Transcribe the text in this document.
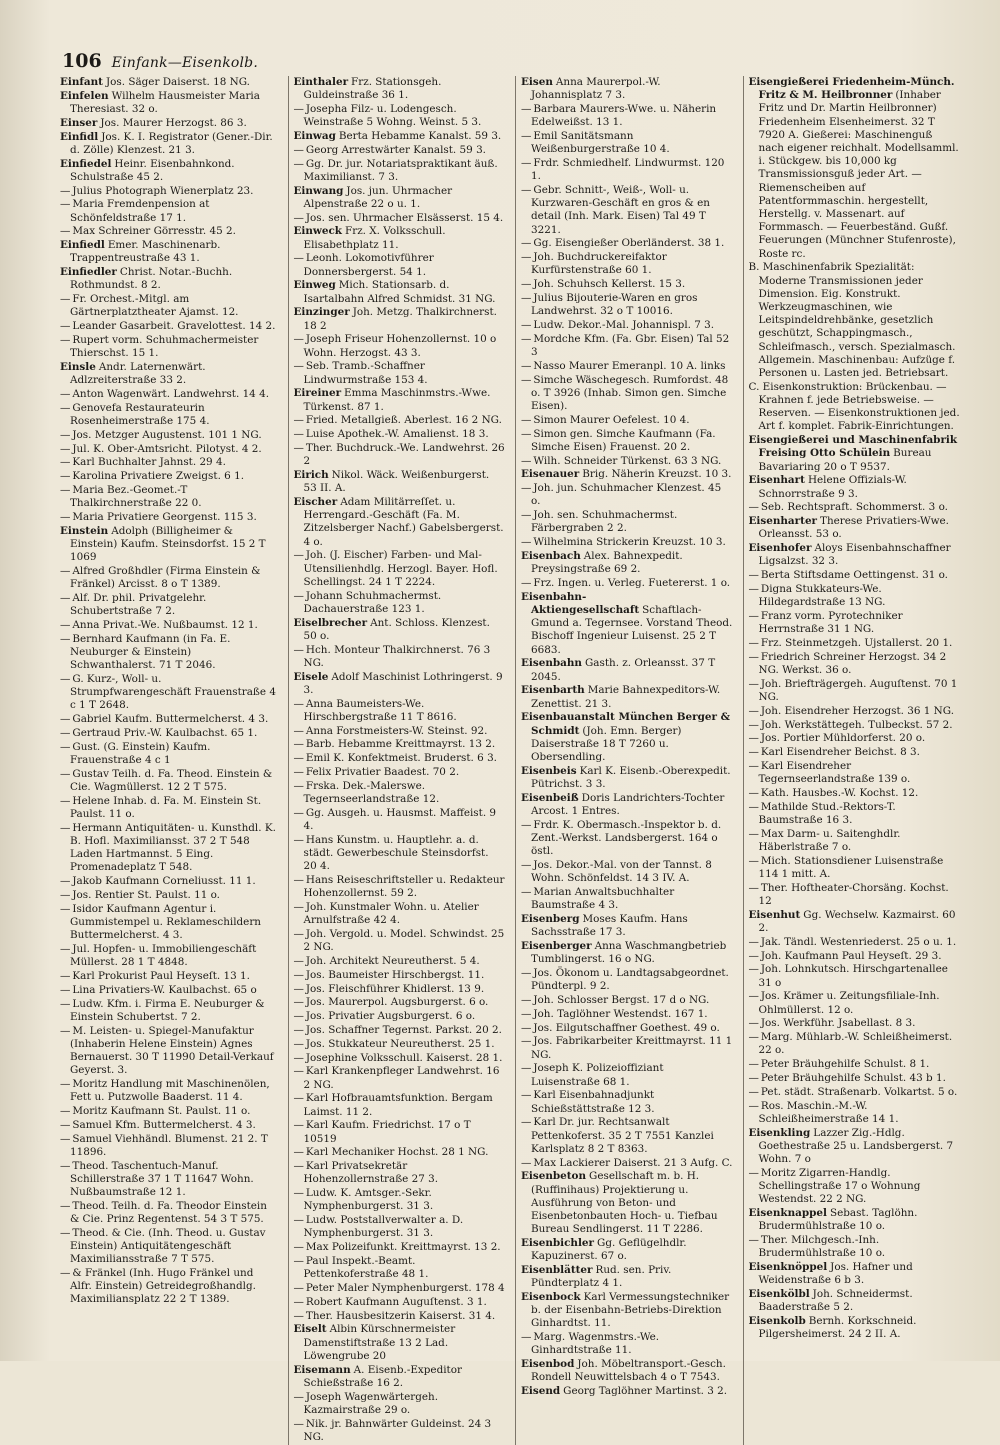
106 Einfank—Eisenkolb.
Einfant Jos. Säger Daiserst. 18 NG.
Einfelen Wilhelm Hausmeister Maria Theresiast. 32 o.
Einser Jos. Maurer Herzogst. 86 3.
Einfidl Jos. K. I. Registrator (Gener.-Dir. d. Zölle) Klenzest. 21 3.
Einfiedel Heinr. Eisenbahnkond. Schulstraße 45 2.
— Julius Photograph Wienerplatz 23.
— Maria Fremdenpension at Schönfeldstraße 17 1.
— Max Schreiner Görresstr. 45 2.
Einfiedl Emer. Maschinenarb. Trappentreustraße 43 1.
Einfiedler Christ. Notar.-Buchh. Rothmundst. 8 2.
— Fr. Orchest.-Mitgl. am Gärtnerplatztheater Ajamst. 12.
— Leander Gasarbeit. Gravelottest. 14 2.
— Rupert vorm. Schuhmachermeister Thierschst. 15 1.
Einsle Andr. Laternenwärt. Adlzreiterstraße 33 2.
— Anton Wagenwärt. Landwehrst. 14 4.
— Genovefa Restaurateurin Rosenheimerstraße 175 4.
— Jos. Metzger Augustenst. 101 1 NG.
— Jul. K. Ober-Amtsricht. Pilotyst. 4 2.
— Karl Buchhalter Jahnst. 29 4.
— Karolina Privatiere Zweigst. 6 1.
— Maria Bez.-Geomet.-T Thalkirchnerstraße 22 0.
— Maria Privatiere Georgenst. 115 3.
Einstein Adolph (Billigheimer & Einstein) Kaufm. Steinsdorfst. 15 2 T 1069
— Alfred Großhdler (Firma Einstein & Fränkel) Arcisst. 8 o T 1389.
— Alf. Dr. phil. Privatgelehr. Schubertstraße 7 2.
— Anna Privat.-We. Nußbaumst. 12 1.
— Bernhard Kaufmann (in Fa. E. Neuburger & Einstein) Schwanthalerst. 71 T 2046.
— G. Kurz-, Woll- u. Strumpfwarengeschäft Frauenstraße 4 c 1 T 2648.
— Gabriel Kaufm. Buttermelcherst. 4 3.
— Gertraud Priv.-W. Kaulbachst. 65 1.
— Gust. (G. Einstein) Kaufm. Frauenstraße 4 c 1
— Gustav Teilh. d. Fa. Theod. Einstein & Cie. Wagmüllerst. 12 2 T 575.
— Helene Inhab. d. Fa. M. Einstein St. Paulst. 11 o.
— Hermann Antiquitäten- u. Kunsthdl. K. B. Hofl. Maximiliansst. 37 2 T 548 Laden Hartmannst. 5 Eing. Promenadeplatz T 548.
— Jakob Kaufmann Corneliusst. 11 1.
— Jos. Rentier St. Paulst. 11 o.
— Isidor Kaufmann Agentur i. Gummistempel u. Reklameschildern Buttermelcherst. 4 3.
— Jul. Hopfen- u. Immobiliengeschäft Müllerst. 28 1 T 4848.
— Karl Prokurist Paul Heyseſt. 13 1.
— Lina Privatiers-W. Kaulbachst. 65 o
— Ludw. Kfm. i. Firma E. Neuburger & Einstein Schubertst. 7 2.
— M. Leisten- u. Spiegel-Manufaktur (Inhaberin Helene Einstein) Agnes Bernauerst. 30 T 11990 Detail-Verkauf Geyerst. 3.
— Moritz Handlung mit Maschinenölen, Fett u. Putzwolle Baaderst. 11 4.
— Moritz Kaufmann St. Paulst. 11 o.
— Samuel Kfm. Buttermelcherst. 4 3.
— Samuel Viehhändl. Blumenst. 21 2. T 11896.
— Theod. Taschentuch-Manuf. Schillerstraße 37 1 T 11647 Wohn. Nußbaumstraße 12 1.
— Theod. Teilh. d. Fa. Theodor Einstein & Cie. Prinz Regentenst. 54 3 T 575.
— Theod. & Cie. (Inh. Theod. u. Gustav Einstein) Antiquitätengeschäft Maximiliansstraße 7 T 575.
— & Fränkel (Inh. Hugo Fränkel und Alfr. Einstein) Getreidegroßhandlg. Maximiliansplatz 22 2 T 1389.
Einthaler Frz. Stationsgeh. Guldeinstraße 36 1.
— Josepha Filz- u. Lodengesch. Weinstraße 5 Wohng. Weinst. 5 3.
Einwag Berta Hebamme Kanalst. 59 3.
— Georg Arrestwärter Kanalst. 59 3.
— Gg. Dr. jur. Notariatspraktikant äuß. Maximilianst. 7 3.
Einwang Jos. jun. Uhrmacher Alpenstraße 22 o u. 1.
— Jos. sen. Uhrmacher Elsässerst. 15 4.
Einweck Frz. X. Volksschull. Elisabethplatz 11.
— Leonh. Lokomotivführer Donnersbergerst. 54 1.
Einweg Mich. Stationsarb. d. Isartalbahn Alfred Schmidst. 31 NG.
Einzinger Joh. Metzg. Thalkirchnerst. 18 2
— Joseph Friseur Hohenzollernst. 10 o Wohn. Herzogst. 43 3.
— Seb. Tramb.-Schaffner Lindwurmstraße 153 4.
Eireiner Emma Maschinmstrs.-Wwe. Türkenst. 87 1.
— Fried. Metallgieß. Aberlest. 16 2 NG.
— Luise Apothek.-W. Amalienst. 18 3.
— Ther. Buchdruck.-We. Landwehrst. 26 2
Eirich Nikol. Wäck. Weißenburgerst. 53 II. A.
Eischer Adam Militärreſſet. u. Herrengard.-Geschäft (Fa. M. Zitzelsberger Nachf.) Gabelsbergerst. 4 o.
— Joh. (J. Eischer) Farben- und Mal-Utensilienhdlg. Herzogl. Bayer. Hofl. Schellingst. 24 1 T 2224.
— Johann Schuhmachermst. Dachauerstraße 123 1.
Eiselbrecher Ant. Schloss. Klenzest. 50 o.
— Hch. Monteur Thalkirchnerst. 76 3 NG.
Eisele Adolf Maschinist Lothringerst. 9 3.
— Anna Baumeisters-We. Hirschbergstraße 11 T 8616.
— Anna Forstmeisters-W. Steinst. 92.
— Barb. Hebamme Kreittmayrst. 13 2.
— Emil K. Konfektmeist. Bruderst. 6 3.
— Felix Privatier Baadest. 70 2.
— Frska. Dek.-Malerswe. Tegernseerlandstraße 12.
— Gg. Ausgeh. u. Hausmst. Maffeist. 9 4.
— Hans Kunstm. u. Hauptlehr. a. d. städt. Gewerbeschule Steinsdorfst. 20 4.
— Hans Reiseschriftsteller u. Redakteur Hohenzollernst. 59 2.
— Joh. Kunstmaler Wohn. u. Atelier Arnulfstraße 42 4.
— Joh. Vergold. u. Model. Schwindst. 25 2 NG.
— Joh. Architekt Neureutherst. 5 4.
— Jos. Baumeister Hirschbergst. 11.
— Jos. Fleischführer Khidlerst. 13 9.
— Jos. Maurerpol. Augsburgerst. 6 o.
— Jos. Privatier Augsburgerst. 6 o.
— Jos. Schaffner Tegernst. Parkst. 20 2.
— Jos. Stukkateur Neureutherst. 25 1.
— Josephine Volksschull. Kaiserst. 28 1.
— Karl Krankenpfleger Landwehrst. 16 2 NG.
— Karl Hofbrauamtsfunktion. Bergam Laimst. 11 2.
— Karl Kaufm. Friedrichst. 17 o T 10519
— Karl Mechaniker Hochst. 28 1 NG.
— Karl Privatsekretär Hohenzollernstraße 27 3.
— Ludw. K. Amtsger.-Sekr. Nymphenburgerst. 31 3.
— Ludw. Poststallverwalter a. D. Nymphenburgerst. 31 3.
— Max Polizeifunkt. Kreittmayrst. 13 2.
— Paul Inspekt.-Beamt. Pettenkoferstraße 48 1.
— Peter Maler Nymphenburgerst. 178 4
— Robert Kaufmann Auguſtenst. 3 1.
— Ther. Hausbesitzerin Kaiserst. 31 4.
Eiselt Albin Kürschnermeister Damenstiftstraße 13 2 Lad. Löwengrube 20
Eisemann A. Eisenb.-Expeditor Schießstraße 16 2.
— Joseph Wagenwärtergeh. Kazmairstraße 29 o.
— Nik. jr. Bahnwärter Guldeinst. 24 3 NG.
Eisen Anna Maurerpol.-W. Johannisplatz 7 3.
— Barbara Maurers-Wwe. u. Näherin Edelweißst. 13 1.
— Emil Sanitätsmann Weißenburgerstraße 10 4.
— Frdr. Schmiedhelf. Lindwurmst. 120 1.
— Gebr. Schnitt-, Weiß-, Woll- u. Kurzwaren-Geschäft en gros & en detail (Inh. Mark. Eisen) Tal 49 T 3221.
— Gg. Eisengießer Oberländerst. 38 1.
— Joh. Buchdruckereifaktor Kurfürstenstraße 60 1.
— Joh. Schuhsch Kellerst. 15 3.
— Julius Bijouterie-Waren en gros Landwehrst. 32 o T 10016.
— Ludw. Dekor.-Mal. Johannispl. 7 3.
— Mordche Kfm. (Fa. Gbr. Eisen) Tal 52 3
— Nasso Maurer Emeranpl. 10 A. links
— Simche Wäschegesch. Rumfordst. 48 o. T 3926 (Inhab. Simon gen. Simche Eisen).
— Simon Maurer Oefelest. 10 4.
— Simon gen. Simche Kaufmann (Fa. Simche Eisen) Frauenst. 20 2.
— Wilh. Schneider Türkenst. 63 3 NG.
Eisenauer Brig. Näherin Kreuzst. 10 3.
— Joh. jun. Schuhmacher Klenzest. 45 o.
— Joh. sen. Schuhmachermst. Färbergraben 2 2.
— Wilhelmina Strickerin Kreuzst. 10 3.
Eisenbach Alex. Bahnexpedit. Preysingstraße 69 2.
— Frz. Ingen. u. Verleg. Fuetererst. 1 o.
Eisenbahn-Aktiengesellschaft Schaftlach-Gmund a. Tegernsee. Vorstand Theod. Bischoff Ingenieur Luisenst. 25 2 T 6683.
Eisenbahn Gasth. z. Orleansst. 37 T 2045.
Eisenbarth Marie Bahnexpeditors-W. Zenettist. 21 3.
Eisenbauanstalt München Berger & Schmidt (Joh. Emn. Berger) Daiserstraße 18 T 7260 u. Obersendling.
Eisenbeis Karl K. Eisenb.-Oberexpedit. Pütrichst. 3 3.
Eisenbeiß Doris Landrichters-Tochter Arcost. 1 Entres.
— Frdr. K. Obermasch.-Inspektor b. d. Zent.-Werkst. Landsbergerst. 164 o östl.
— Jos. Dekor.-Mal. von der Tannst. 8 Wohn. Schönfeldst. 14 3 IV. A.
— Marian Anwaltsbuchhalter Baumstraße 4 3.
Eisenberg Moses Kaufm. Hans Sachsstraße 17 3.
Eisenberger Anna Waschmangbetrieb Tumblingerst. 16 o NG.
— Jos. Ökonom u. Landtagsabgeordnet. Pündterpl. 9 2.
— Joh. Schlosser Bergst. 17 d o NG.
— Joh. Taglöhner Westendst. 167 1.
— Jos. Eilgutschaffner Goethest. 49 o.
— Jos. Fabrikarbeiter Kreittmayrst. 11 1 NG.
— Joseph K. Polizeioffiziant Luisenstraße 68 1.
— Karl Eisenbahnadjunkt Schießstättstraße 12 3.
— Karl Dr. jur. Rechtsanwalt Pettenkoferst. 35 2 T 7551 Kanzlei Karlsplatz 8 2 T 8363.
— Max Lackierer Daiserst. 21 3 Aufg. C.
Eisenbeton Gesellschaft m. b. H. (Ruffinihaus) Projektierung u. Ausführung von Beton- und Eisenbetonbauten Hoch- u. Tiefbau Bureau Sendlingerst. 11 T 2286.
Eisenbichler Gg. Geflügelhdlr. Kapuzinerst. 67 o.
Eisenblätter Rud. sen. Priv. Pündterplatz 4 1.
Eisenbock Karl Vermessungstechniker b. der Eisenbahn-Betriebs-Direktion Ginhardtst. 11.
— Marg. Wagenmstrs.-We. Ginhardtstraße 11.
Eisenbod Joh. Möbeltransport.-Gesch. Rondell Neuwittelsbach 4 o T 7543.
Eisend Georg Taglöhner Martinst. 3 2.
Eisengießerei Friedenheim-Münch. Fritz & M. Heilbronner (Inhaber Fritz und Dr. Martin Heilbronner) Friedenheim Elsenheimerst. 32 T 7920 A. Gießerei: Maschinenguß nach eigener reichhalt. Modellsamml. i. Stückgew. bis 10,000 kg Transmissionsguß jeder Art. — Riemenscheiben auf Patentformmaschin. hergestellt, Herstellg. v. Massenart. auf Formmasch. — Feuerbeständ. Gußf. Feuerungen (Münchner Stufenroste), Roste rc.
B. Maschinenfabrik Spezialität: Moderne Transmissionen jeder Dimension. Eig. Konstrukt. Werkzeugmaschinen, wie Leitspindeldrehbänke, gesetzlich geschützt, Schappingmasch., Schleifmasch., versch. Spezialmasch. Allgemein. Maschinenbau: Aufzüge f. Personen u. Lasten jed. Betriebsart.
C. Eisenkonstruktion: Brückenbau. — Krahnen f. jede Betriebsweise. — Reserven. — Eisenkonstruktionen jed. Art f. komplet. Fabrik-Einrichtungen.
Eisengießerei und Maschinenfabrik Freising Otto Schülein Bureau Bavariaring 20 o T 9537.
Eisenhart Helene Offizials-W. Schnorrstraße 9 3.
— Seb. Rechtspraft. Schommerst. 3 o.
Eisenharter Therese Privatiers-Wwe. Orleansst. 53 o.
Eisenhofer Aloys Eisenbahnschaffner Ligsalzst. 32 3.
— Berta Stiftsdame Oettingenst. 31 o.
— Digna Stukkateurs-We. Hildegardstraße 13 NG.
— Franz vorm. Pyrotechniker Herrnstraße 31 1 NG.
— Frz. Steinmetzgeh. Ujstallerst. 20 1.
— Friedrich Schreiner Herzogst. 34 2 NG. Werkst. 36 o.
— Joh. Briefträgergeh. Auguſtenst. 70 1 NG.
— Joh. Eisendreher Herzogst. 36 1 NG.
— Joh. Werkstättegeh. Tulbeckst. 57 2.
— Jos. Portier Mühldorferst. 20 o.
— Karl Eisendreher Beichst. 8 3.
— Karl Eisendreher Tegernseerlandstraße 139 o.
— Kath. Hausbes.-W. Kochst. 12.
— Mathilde Stud.-Rektors-T. Baumstraße 16 3.
— Max Darm- u. Saitenghdlr. Häberlstraße 7 o.
— Mich. Stationsdiener Luisenstraße 114 1 mitt. A.
— Ther. Hoftheater-Chorsäng. Kochst. 12
Eisenhut Gg. Wechselw. Kazmairst. 60 2.
— Jak. Tändl. Westenriederst. 25 o u. 1.
— Joh. Kaufmann Paul Heyseſt. 29 3.
— Joh. Lohnkutsch. Hirschgartenallee 31 o
— Jos. Krämer u. Zeitungsfiliale-Inh. Ohlmüllerst. 12 o.
— Jos. Werkführ. Jsabellast. 8 3.
— Marg. Mühlarb.-W. Schleißheimerst. 22 o.
— Peter Bräuhgehilfe Schulst. 8 1.
— Peter Bräuhgehilfe Schulst. 43 b 1.
— Pet. städt. Straßenarb. Volkartst. 5 o.
— Ros. Maschin.-M.-W. Schleißheimerstraße 14 1.
Eisenkling Lazzer Zig.-Hdlg. Goethestraße 25 u. Landsbergerst. 7 Wohn. 7 o
— Moritz Zigarren-Handlg. Schellingstraße 17 o Wohnung Westendst. 22 2 NG.
Eisenknappel Sebast. Taglöhn. Brudermühlstraße 10 o.
— Ther. Milchgesch.-Inh. Brudermühlstraße 10 o.
Eisenknöppel Jos. Hafner und Weidenstraße 6 b 3.
Eisenkölbl Joh. Schneidermst. Baaderstraße 5 2.
Eisenkolb Bernh. Korkschneid. Pilgersheimerst. 24 2 II. A.
